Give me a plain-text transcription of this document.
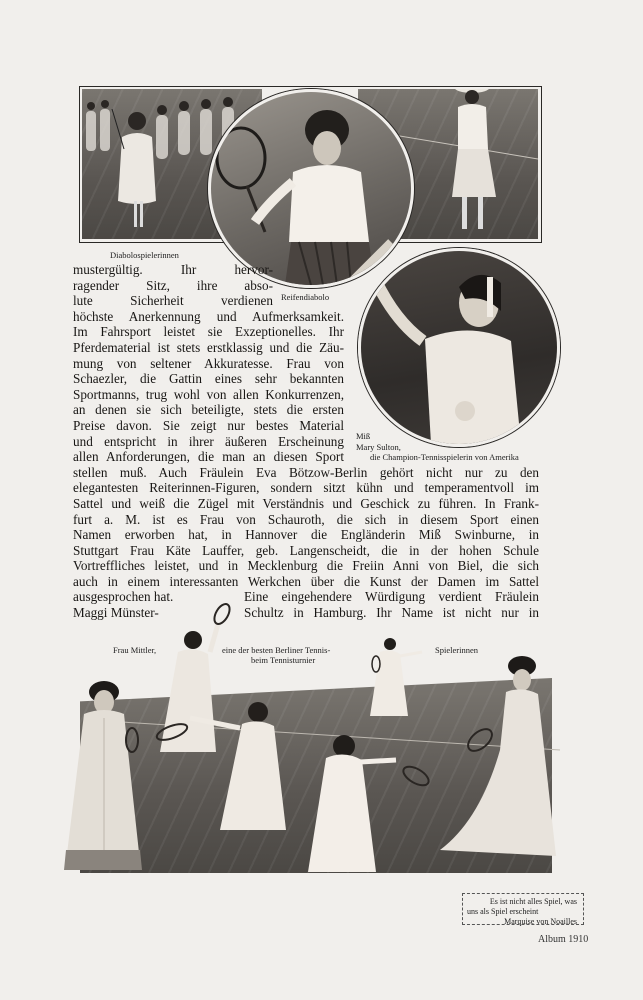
Diabolospielerinnen
Reifendiabolo
Miß
Mary Sulton,
die Champion-Tennisspielerin von Amerika
mustergültig. Ihr hervor-
ragender Sitz, ihre abso-
lute Sicherheit verdienen
höchste Anerkennung und Aufmerksamkeit.
Im Fahrsport leistet sie Exzeptionelles. Ihr
Pferdematerial ist stets erstklassig und die Zäu-
mung von seltener Akkuratesse. Frau von
Schaezler, die Gattin eines sehr bekannten
Sportmanns, trug wohl von allen Konkurrenzen,
an denen sie sich beteiligte, stets die ersten
Preise davon. Sie zeigt nur bestes Material
und entspricht in ihrer äußeren Erscheinung
allen Anforderungen, die man an diesen Sport
stellen muß. Auch Fräulein Eva Bötzow-Berlin gehört nicht nur zu den
elegantesten Reiterinnen-Figuren, sondern sitzt kühn und temperamentvoll im
Sattel und weiß die Zügel mit Verständnis und Geschick zu führen. In Frank-
furt a. M. ist es Frau von Schauroth, die sich in diesem Sport einen
Namen erworben hat, in Hannover die Engländerin Miß Swinburne, in
Stuttgart Frau Käte Lauffer, geb. Langenscheidt, die in der hohen Schule
Vortreffliches leistet, und in Mecklenburg die Freiin Anni von Biel, die sich
auch in einem interessanten Werkchen über die Kunst der Damen im Sattel
ausgesprochen hat.	Eine eingehendere Würdigung verdient Fräulein
Maggi Münster-	Schultz in Hamburg. Ihr Name ist nicht nur in
Frau Mittler,	eine der besten Berliner Tennis-
beim Tennisturnier
Spielerinnen
Es ist nicht alles Spiel, was
uns als Spiel erscheint
Marquise von Noailles
Album 1910
